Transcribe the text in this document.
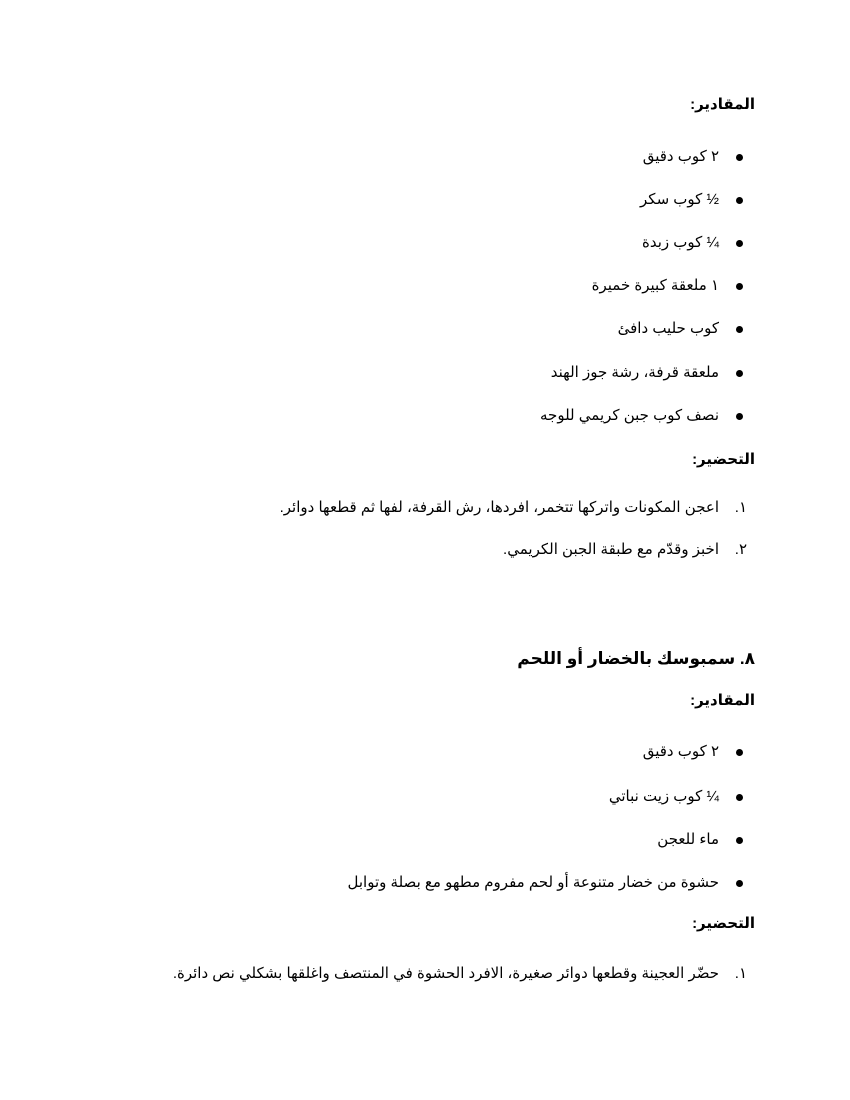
المقادير:
٢ كوب دقيق
½ كوب سكر
¼ كوب زبدة
١ ملعقة كبيرة خميرة
كوب حليب دافئ
ملعقة قرفة، رشة جوز الهند
نصف كوب جبن كريمي للوجه
التحضير:
١.
اعجن المكونات واتركها تتخمر، افردها، رش القرفة، لفها ثم قطعها دوائر.
٢.
اخبز وقدّم مع طبقة الجبن الكريمي.
٨. سمبوسك بالخضار أو اللحم
المقادير:
٢ كوب دقيق
¼ كوب زيت نباتي
ماء للعجن
حشوة من خضار متنوعة أو لحم مفروم مطهو مع بصلة وتوابل
التحضير:
١.
حضّر العجينة وقطعها دوائر صغيرة، الافرد الحشوة في المنتصف واغلقها بشكلي نص دائرة.
